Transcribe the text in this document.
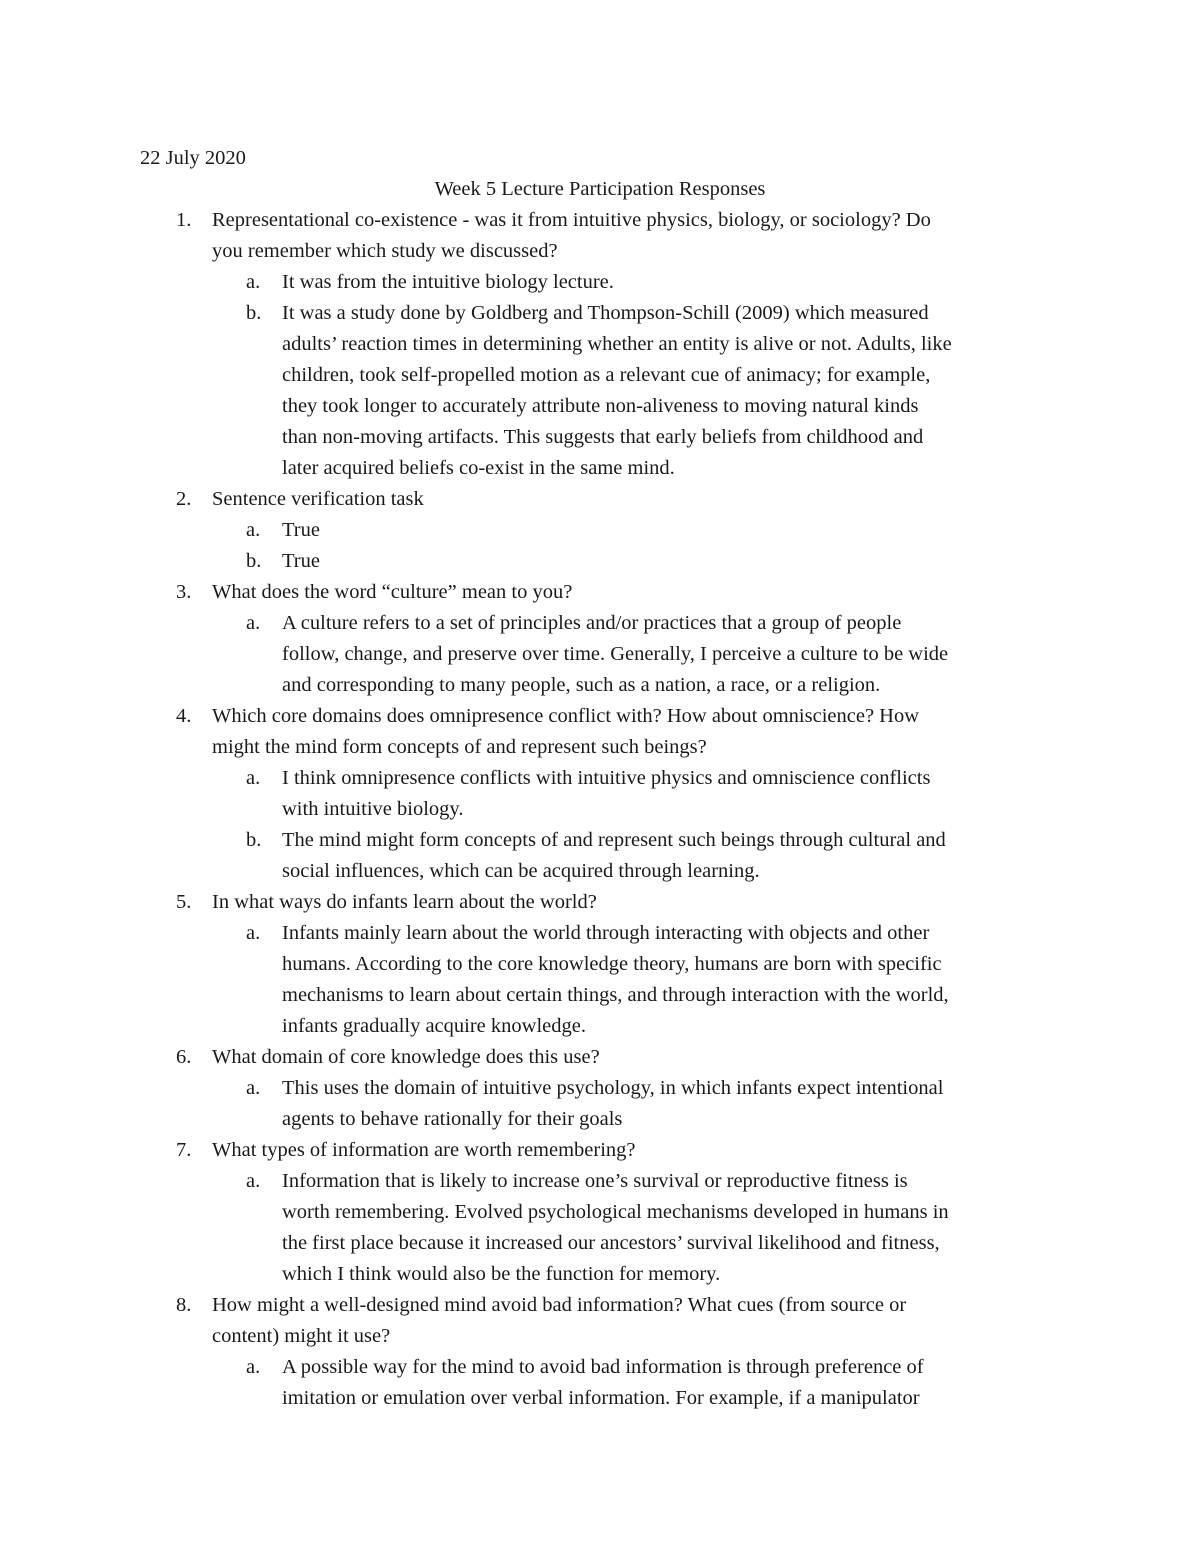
22 July 2020
Week 5 Lecture Participation Responses
1. Representational co-existence - was it from intuitive physics, biology, or sociology? Do
you remember which study we discussed?
a. It was from the intuitive biology lecture.
b. It was a study done by Goldberg and Thompson-Schill (2009) which measured
adults’ reaction times in determining whether an entity is alive or not. Adults, like
children, took self-propelled motion as a relevant cue of animacy; for example,
they took longer to accurately attribute non-aliveness to moving natural kinds
than non-moving artifacts. This suggests that early beliefs from childhood and
later acquired beliefs co-exist in the same mind.
2. Sentence verification task
a. True
b. True
3. What does the word “culture” mean to you?
a. A culture refers to a set of principles and/or practices that a group of people
follow, change, and preserve over time. Generally, I perceive a culture to be wide
and corresponding to many people, such as a nation, a race, or a religion.
4. Which core domains does omnipresence conflict with? How about omniscience? How
might the mind form concepts of and represent such beings?
a. I think omnipresence conflicts with intuitive physics and omniscience conflicts
with intuitive biology.
b. The mind might form concepts of and represent such beings through cultural and
social influences, which can be acquired through learning.
5. In what ways do infants learn about the world?
a. Infants mainly learn about the world through interacting with objects and other
humans. According to the core knowledge theory, humans are born with specific
mechanisms to learn about certain things, and through interaction with the world,
infants gradually acquire knowledge.
6. What domain of core knowledge does this use?
a. This uses the domain of intuitive psychology, in which infants expect intentional
agents to behave rationally for their goals
7. What types of information are worth remembering?
a. Information that is likely to increase one’s survival or reproductive fitness is
worth remembering. Evolved psychological mechanisms developed in humans in
the first place because it increased our ancestors’ survival likelihood and fitness,
which I think would also be the function for memory.
8. How might a well-designed mind avoid bad information? What cues (from source or
content) might it use?
a. A possible way for the mind to avoid bad information is through preference of
imitation or emulation over verbal information. For example, if a manipulator
